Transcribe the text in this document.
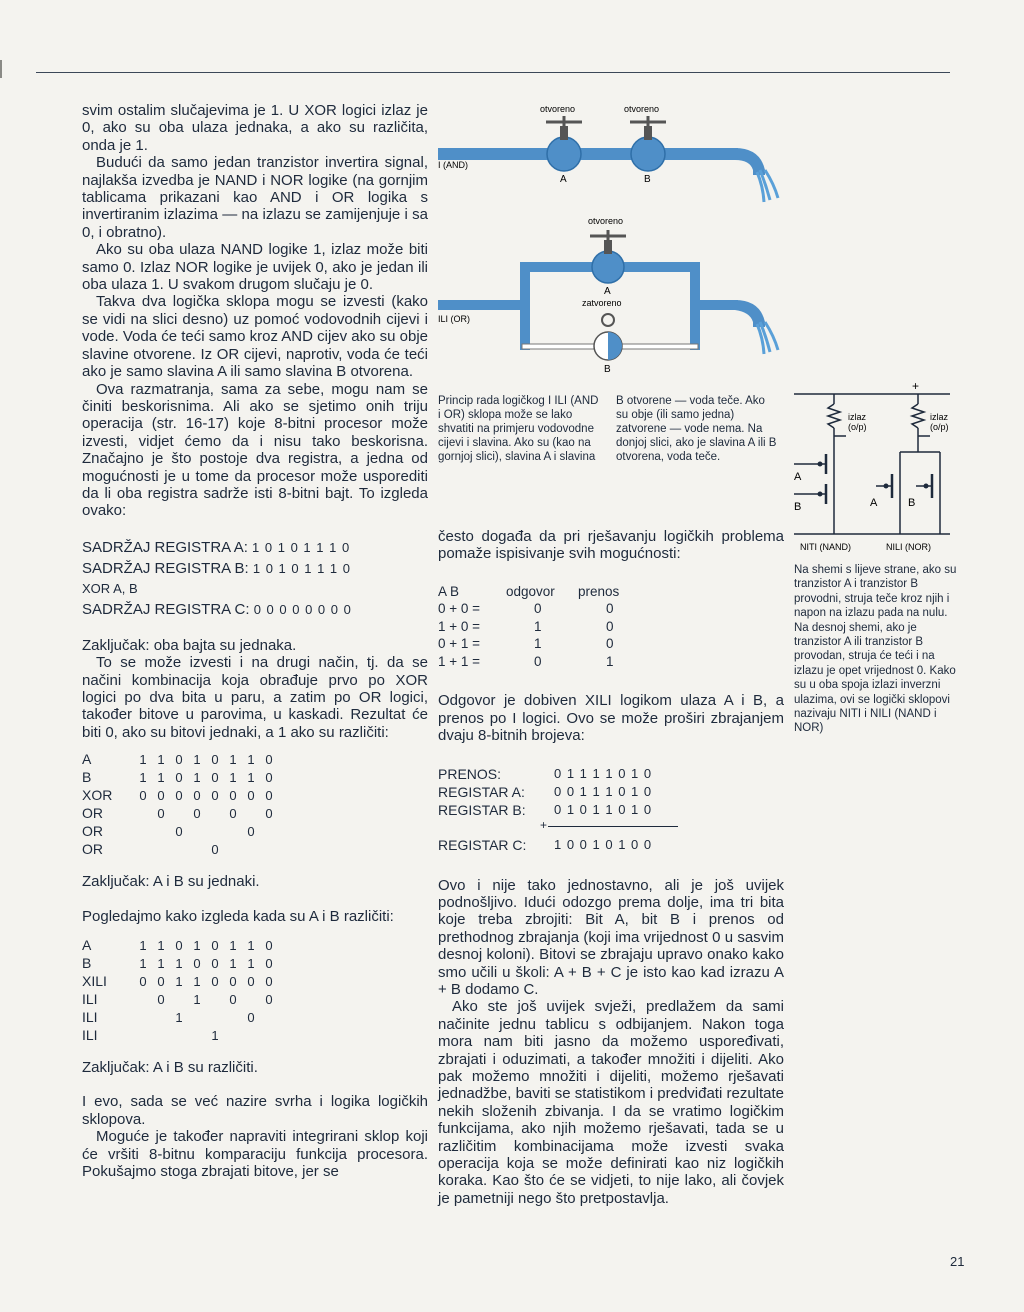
svim ostalim slučajevima je 1. U XOR logici izlaz je 0, ako su oba ulaza jednaka, a ako su različita, onda je 1.

Budući da samo jedan tranzistor invertira signal, najlakša izvedba je NAND i NOR logike (na gornjim tablicama prikazani kao AND i OR logika s invertiranim izlazima — na izlazu se zamijenjuje i sa 0, i obratno).

Ako su oba ulaza NAND logike 1, izlaz može biti samo 0. Izlaz NOR logike je uvijek 0, ako je jedan ili oba ulaza 1. U svakom drugom slučaju je 0.

Takva dva logička sklopa mogu se izvesti (kako se vidi na slici desno) uz pomoć vodovodnih cijevi i vode. Voda će teći samo kroz AND cijev ako su obje slavine otvorene. Iz OR cijevi, naprotiv, voda će teći ako je samo slavina A ili samo slavina B otvorena.

Ova razmatranja, sama za sebe, mogu nam se činiti beskorisnima. Ali ako se sjetimo onih triju operacija (str. 16-17) koje 8-bitni procesor može izvesti, vidjet ćemo da i nisu tako beskorisna. Značajno je što postoje dva registra, a jedna od mogućnosti je u tome da procesor može usporediti da li oba registra sadrže isti 8-bitni bajt. To izgleda ovako:

SADRŽAJ REGISTRA A: 1 0 1 0 1 1 1 0
SADRŽAJ REGISTRA B: 1 0 1 0 1 1 1 0
XOR A, B
SADRŽAJ REGISTRA C: 0 0 0 0 0 0 0 0

Zaključak: oba bajta su jednaka.

To se može izvesti i na drugi način, tj. da se načini kombinacija koja obrađuje prvo po XOR logici po dva bita u paru, a zatim po OR logici, također bitove u parovima, u kaskadi. Rezultat će biti 0, ako su bitovi jednaki, a 1 ako su različiti:

A	1	1	0	1	0	1	1	0
B	1	1	0	1	0	1	1	0
XOR	0	0	0	0	0	0	0	0
OR		0		0		0		0
OR			0				0	
OR					0			

Zaključak: A i B su jednaki.

Pogledajmo kako izgleda kada su A i B različiti:

A	1	1	0	1	0	1	1	0
B	1	1	1	0	0	1	1	0
XILI	0	0	1	1	0	0	0	0
ILI		0		1		0		0
ILI			1				0	
ILI					1			

Zaključak: A i B su različiti.

I evo, sada se već nazire svrha i logika logičkih sklopova.

Moguće je također napraviti integrirani sklop koji će vršiti 8-bitnu komparaciju funkcija procesora. Pokušajmo stoga zbrajati bitove, jer se

otvoreno	otvoreno
I (AND)
A	B
otvoreno
A
zatvoreno
B
ILI (OR)
Princip rada logičkog I ILI (AND i OR) sklopa može se lako shvatiti na primjeru vodovodne cijevi i slavina. Ako su (kao na gornjoj slici), slavina A i slavina
B otvorene — voda teče. Ako su obje (ili samo jedna) zatvorene — vode nema. Na donjoj slici, ako je slavina A ili B otvorena, voda teče.
+
izlaz
(o/p)
A
B
izlaz
(o/p)
A	B
NITI (NAND)	NILI (NOR)
Na shemi s lijeve strane, ako su tranzistor A i tranzistor B provodni, struja teče kroz njih i napon na izlazu pada na nulu. Na desnoj shemi, ako je tranzistor A ili tranzistor B provodan, struja će teći i na izlazu je opet vrijednost 0. Kako su u oba spoja izlazi inverzni ulazima, ovi se logički sklopovi nazivaju NITI i NILI (NAND i NOR)

često događa da pri rješavanju logičkih problema pomaže ispisivanje svih mogućnosti:

A B	odgovor	prenos
0 + 0 =	0	0
1 + 0 =	1	0
0 + 1 =	1	0
1 + 1 =	0	1

Odgovor je dobiven XILI logikom ulaza A i B, a prenos po I logici. Ovo se može proširi zbrajanjem dvaju 8-bitnih brojeva:

PRENOS:	0 1 1 1 1 0 1 0
REGISTAR A:	0 0 1 1 1 0 1 0
REGISTAR B:	0 1 0 1 1 0 1 0
+
REGISTAR C:	1 0 0 1 0 1 0 0

Ovo i nije tako jednostavno, ali je još uvijek podnošljivo. Idući odozgo prema dolje, ima tri bita koje treba zbrojiti: Bit A, bit B i prenos od prethodnog zbrajanja (koji ima vrijednost 0 u sasvim desnoj koloni). Bitovi se zbrajaju upravo onako kako smo učili u školi: A + B + C je isto kao kad izrazu A + B dodamo C.

Ako ste još uvijek svježi, predlažem da sami načinite jednu tablicu s odbijanjem. Nakon toga mora nam biti jasno da možemo uspoređivati, zbrajati i oduzimati, a također množiti i dijeliti. Ako pak možemo množiti i dijeliti, možemo rješavati jednadžbe, baviti se statistikom i predviđati rezultate nekih složenih zbivanja. I da se vratimo logičkim funkcijama, ako njih možemo rješavati, tada se u različitim kombinacijama može izvesti svaka operacija koja se može definirati kao niz logičkih koraka. Kao što će se vidjeti, to nije lako, ali čovjek je pametniji nego što pretpostavlja.

21
